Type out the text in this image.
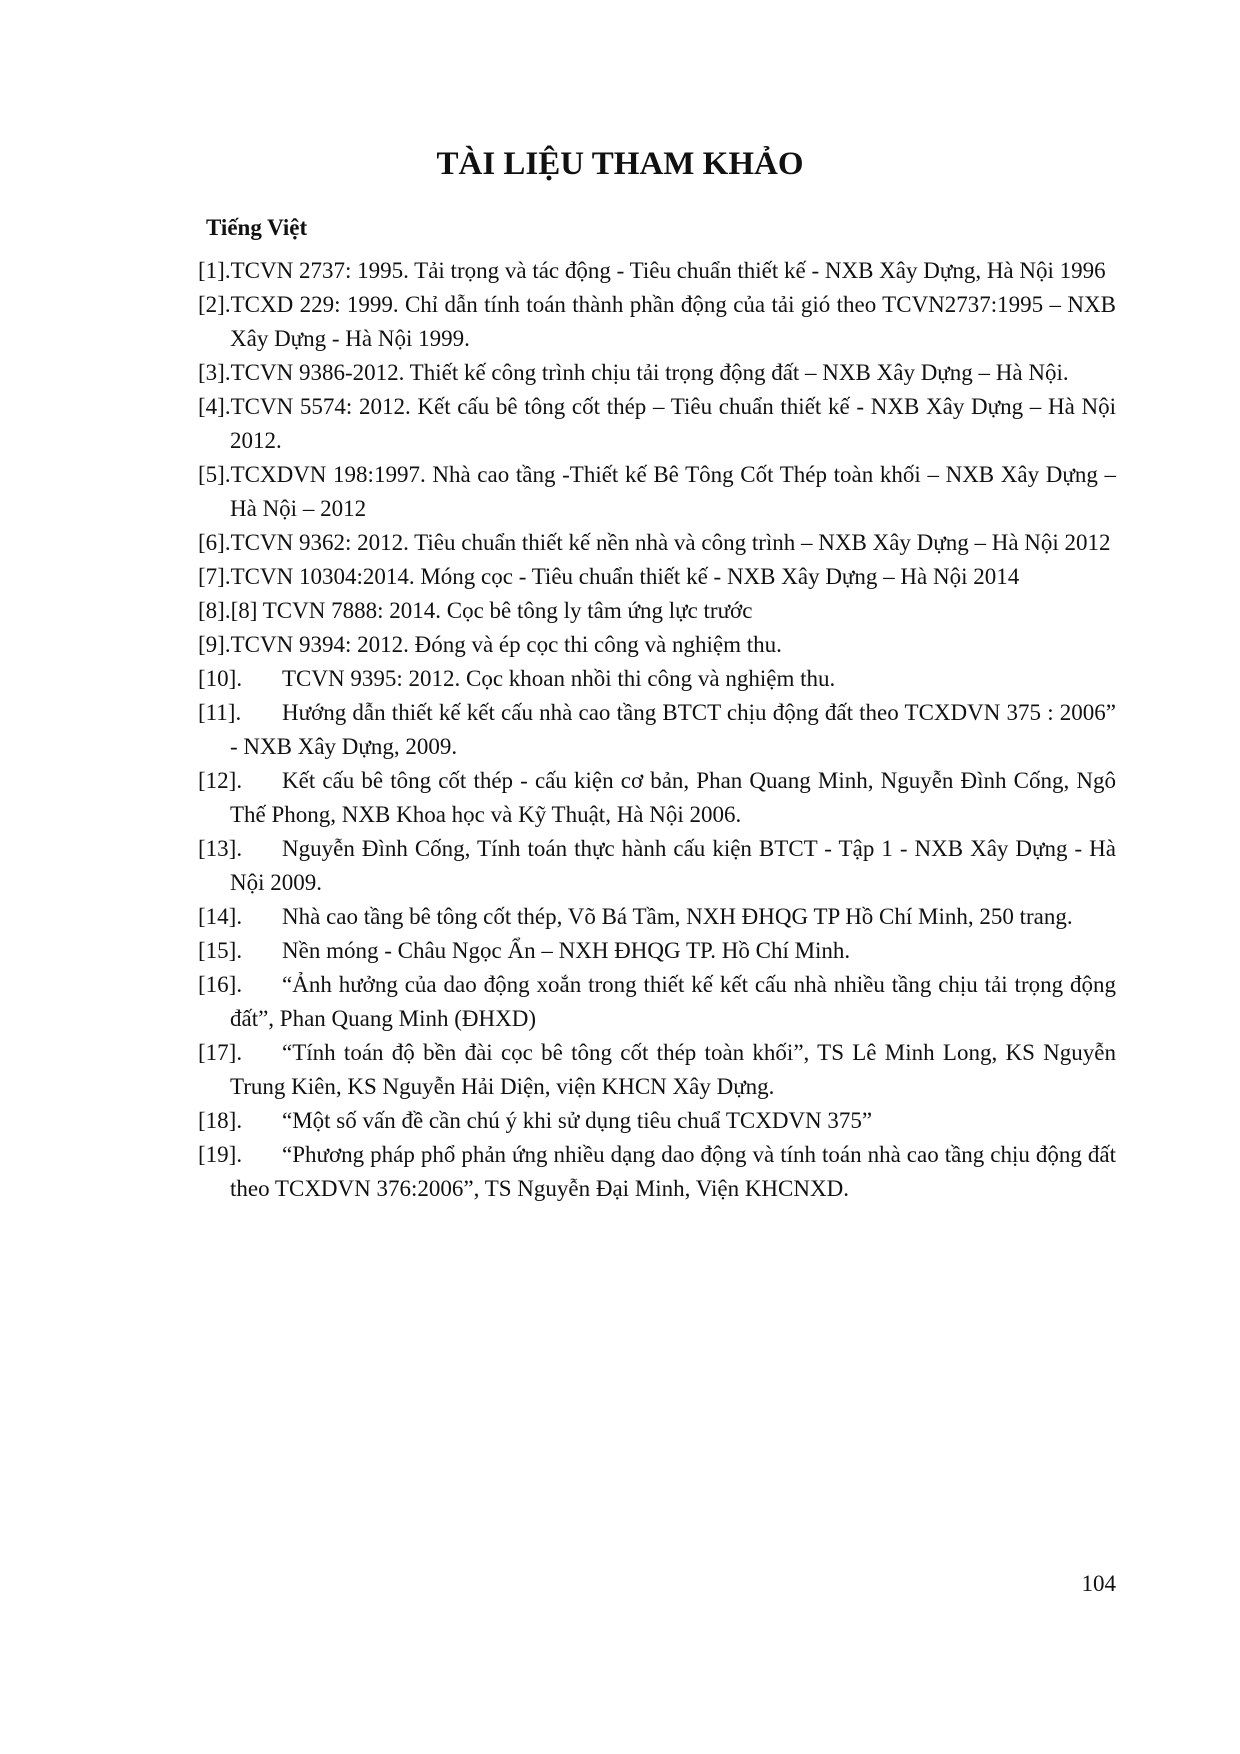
TÀI LIỆU THAM KHẢO
Tiếng Việt
[1].TCVN 2737: 1995. Tải trọng và tác động - Tiêu chuẩn thiết kế - NXB Xây Dựng, Hà Nội 1996
[2].TCXD 229: 1999. Chỉ dẫn tính toán thành phần động của tải gió theo TCVN2737:1995 – NXB Xây Dựng - Hà Nội 1999.
[3].TCVN 9386-2012. Thiết kế công trình chịu tải trọng động đất – NXB Xây Dựng – Hà Nội.
[4].TCVN 5574: 2012. Kết cấu bê tông cốt thép – Tiêu chuẩn thiết kế - NXB Xây Dựng – Hà Nội 2012.
[5].TCXDVN 198:1997. Nhà cao tầng -Thiết kế Bê Tông Cốt Thép toàn khối – NXB Xây Dựng – Hà Nội – 2012
[6].TCVN 9362: 2012. Tiêu chuẩn thiết kế nền nhà và công trình – NXB Xây Dựng – Hà Nội 2012
[7].TCVN 10304:2014. Móng cọc - Tiêu chuẩn thiết kế - NXB Xây Dựng – Hà Nội 2014
[8].[8] TCVN 7888: 2014. Cọc bê tông ly tâm ứng lực trước
[9].TCVN 9394: 2012. Đóng và ép cọc thi công và nghiệm thu.
[10]. TCVN 9395: 2012. Cọc khoan nhồi thi công và nghiệm thu.
[11]. Hướng dẫn thiết kế kết cấu nhà cao tầng BTCT chịu động đất theo TCXDVN 375 : 2006” - NXB Xây Dựng, 2009.
[12]. Kết cấu bê tông cốt thép - cấu kiện cơ bản, Phan Quang Minh, Nguyễn Đình Cống, Ngô Thế Phong, NXB Khoa học và Kỹ Thuật, Hà Nội 2006.
[13]. Nguyễn Đình Cống, Tính toán thực hành cấu kiện BTCT - Tập 1 - NXB Xây Dựng - Hà Nội 2009.
[14]. Nhà cao tầng bê tông cốt thép, Võ Bá Tầm, NXH ĐHQG TP Hồ Chí Minh, 250 trang.
[15]. Nền móng - Châu Ngọc Ẩn – NXH ĐHQG TP. Hồ Chí Minh.
[16]. “Ảnh hưởng của dao động xoắn trong thiết kế kết cấu nhà nhiều tầng chịu tải trọng động đất”, Phan Quang Minh (ĐHXD)
[17]. “Tính toán độ bền đài cọc bê tông cốt thép toàn khối”, TS Lê Minh Long, KS Nguyễn Trung Kiên, KS Nguyễn Hải Diện, viện KHCN Xây Dựng.
[18]. “Một số vấn đề cần chú ý khi sử dụng tiêu chuẩ TCXDVN 375”
[19]. “Phương pháp phổ phản ứng nhiều dạng dao động và tính toán nhà cao tầng chịu động đất theo TCXDVN 376:2006”, TS Nguyễn Đại Minh, Viện KHCNXD.
104
